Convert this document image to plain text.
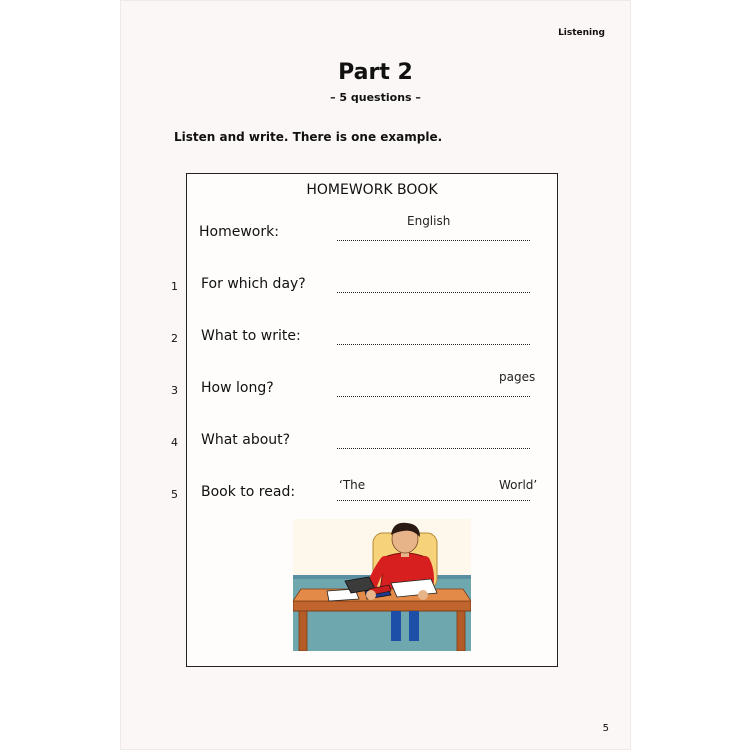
Listening
Part 2
– 5 questions –
Listen and write. There is one example.
HOMEWORK BOOK
Homework:
English
1 For which day?
2 What to write:
3 How long?
pages
4 What about?
5 Book to read:	‘The	World’
5
